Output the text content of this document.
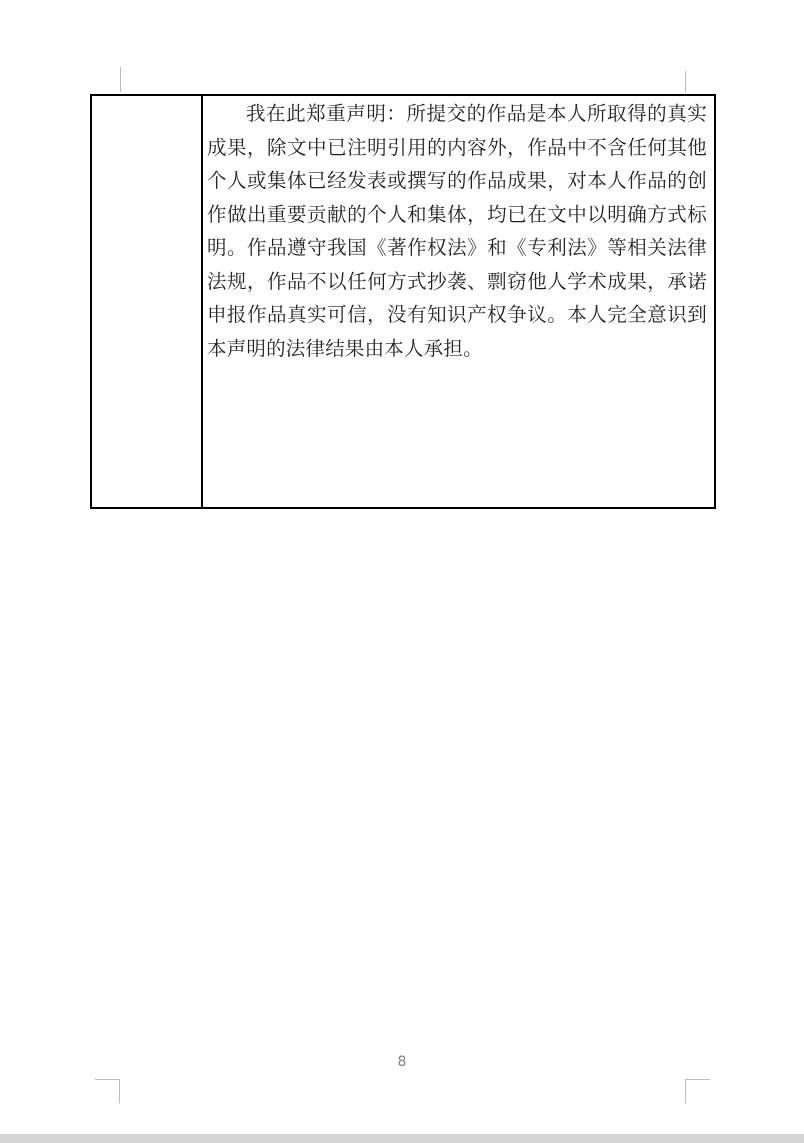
我在此郑重声明：所提交的作品是本人所取得的真实成果，除文中已注明引用的内容外，作品中不含任何其他个人或集体已经发表或撰写的作品成果，对本人作品的创作做出重要贡献的个人和集体，均已在文中以明确方式标明。作品遵守我国《著作权法》和《专利法》等相关法律法规，作品不以任何方式抄袭、剽窃他人学术成果，承诺申报作品真实可信，没有知识产权争议。本人完全意识到本声明的法律结果由本人承担。

8
